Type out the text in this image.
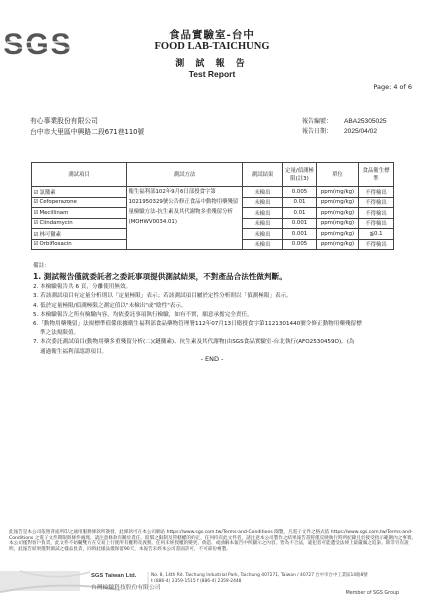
SGS	食品實驗室-台中
FOOD LAB-TAICHUNG
測 試 報 告
Test Report
Page: 4 of 6
有心事業股份有限公司
台中市大里區中興路二段671巷110號
報告編號： ABA25305025
報告日期： 2025/04/02
測試項目	測試方法	測試結果	定量/偵測極限(註3)	單位	食品衛生標準
☑氯黴素	衛生福利部102年9月6日部授食字第1021950329號公告修正食品中動物用藥殘留量檢驗方法-抗生素及其代謝物多重殘留分析(MOHWV0034.01)	未檢出	0.005	ppm(mg/kg)	不得檢出
☑Cefoperazone		未檢出	0.01	ppm(mg/kg)	不得檢出
☑Mecillinam		未檢出	0.01	ppm(mg/kg)	不得檢出
☑Clindamycin		未檢出	0.001	ppm(mg/kg)	不得檢出
☑林可黴素		未檢出	0.001	ppm(mg/kg)	≦0.1
☑Orbifloxacin		未檢出	0.005	ppm(mg/kg)	不得檢出
備註：
1. 測試報告僅就委託者之委託事項提供測試結果，不對產品合法性做判斷。
2. 本檢驗報告共 6 頁，分離使用無效。
3. 若該測試項目有定量分析則以「定量極限」表示；若該測試項目屬於定性分析則以「偵測極限」表示。
4. 低於定量極限/偵測極限之測定值以"未檢出"或"陰性"表示。
5. 本檢驗報告之所有檢驗內容，均依委託事項執行檢驗，如有不實，願意承擔完全責任。
6.「動物用藥殘留」法規標準值係依據衛生福利部食品藥物管理署112年07月13日衛授食字第1121301440號令修正動物用藥殘留標
準之法規限值。
7. 本次委託測試項目(動物用藥多重殘留分析(二)(鏈黴素)、抗生素及其代謝物)由SGS食品實驗室-台北執行(AFO2530459O)。(為
通過衛生福利部認證項目。
- END -
此報告是本公司依照背面所印之通用服務條款所簽發，此條款可在本公司網站 https://www.sgs.com.tw/Terms-and-Conditions 閱覽，凡電子文件之格式依 https://www.sgs.com.tw/Terms-and-Conditions 之電子文件期限與條件處理。請注意條款有關於責任、賠償之限制及管轄權的約定。任何持有此文件者，請注意本公司製作之結果報告書將僅反映執行時所紀錄且於接受指示範圍內之事實。本公司僅對客戶負責，此文件不妨礙雙方在交易上行使所有權利及義務。任何未經授權的變更、偽造、或曲解本報告中所顯示之內容，皆為不合法，違犯者可能遭受法律上最嚴厲之追訴。除非另有說明，此報告結果僅對測試之樣品負責，同時此樣品僅保留90天，本報告未經本公司書面許可，不可部份複製。
SGS Taiwan Ltd.
台灣檢驗科技股份有限公司
No. 8, 14th Rd. Taichung Industrial Park, Taichung 407271, Taiwan / 40727 台中市台中工業區14路8號
t (886-4) 2359-1515 f (886-4) 2359-2448
Member of SGS Group
